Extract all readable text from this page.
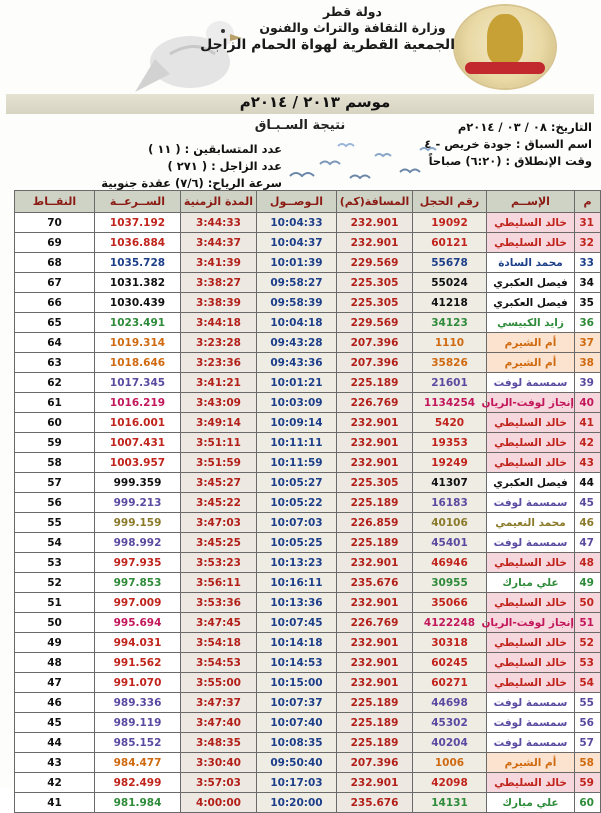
دولة قطر
وزارة الثقافة والتراث والفنون
الجمعية القطرية لهواة الحمام الزاجل
موسم ٢٠١٣ / ٢٠١٤م
نتيجة السـبـاق	التاريخ: ٠٨ / ٠٣ / ٢٠١٤م
اسم السباق : جودة خريص - ٤
وقت الإنطلاق : (٦:٢٠) صباحاً
عدد المتسابقين : ( ١١ )
عدد الزاجل : ( ٢٧١ )
سرعة الرياح: (٧/٦) عقدة جنوبية
م	الإســم	رقم الحجل	المسافة(كم)	الـوصــول	المدة الزمنية	الســرعــة	النقــاط
31	خالد السليطي	19092	232.901	10:04:33	3:44:33	1037.192	70
32	خالد السليطي	60121	232.901	10:04:37	3:44:37	1036.884	69
33	محمد السادة	55678	229.569	10:01:39	3:41:39	1035.728	68
34	فيصل العكبري	55024	225.305	09:58:27	3:38:27	1031.382	67
35	فيصل العكبري	41218	225.305	09:58:39	3:38:39	1030.439	66
36	زايد الكبيسي	34123	229.569	10:04:18	3:44:18	1023.491	65
37	أم الشيرم	1110	207.396	09:43:28	3:23:28	1019.314	64
38	أم الشيرم	35826	207.396	09:43:36	3:23:36	1018.646	63
39	سمسمة لوفت	21601	225.189	10:01:21	3:41:21	1017.345	62
40	إنجاز لوفت-الريان	1134254	226.769	10:03:09	3:43:09	1016.219	61
41	خالد السليطي	5420	232.901	10:09:14	3:49:14	1016.001	60
42	خالد السليطي	19353	232.901	10:11:11	3:51:11	1007.431	59
43	خالد السليطي	19249	232.901	10:11:59	3:51:59	1003.957	58
44	فيصل العكبري	41307	225.305	10:05:27	3:45:27	999.359	57
45	سمسمة لوفت	16183	225.189	10:05:22	3:45:22	999.213	56
46	محمد النعيمي	40106	226.859	10:07:03	3:47:03	999.159	55
47	سمسمة لوفت	45401	225.189	10:05:25	3:45:25	998.992	54
48	خالد السليطي	46946	232.901	10:13:23	3:53:23	997.935	53
49	علي مبارك	30955	235.676	10:16:11	3:56:11	997.853	52
50	خالد السليطي	35066	232.901	10:13:36	3:53:36	997.009	51
51	إنجاز لوفت-الريان	4122248	226.769	10:07:45	3:47:45	995.694	50
52	خالد السليطي	30318	232.901	10:14:18	3:54:18	994.031	49
53	خالد السليطي	60245	232.901	10:14:53	3:54:53	991.562	48
54	خالد السليطي	60271	232.901	10:15:00	3:55:00	991.070	47
55	سمسمة لوفت	44698	225.189	10:07:37	3:47:37	989.336	46
56	سمسمة لوفت	45302	225.189	10:07:40	3:47:40	989.119	45
57	سمسمة لوفت	40204	225.189	10:08:35	3:48:35	985.152	44
58	أم الشيرم	1006	207.396	09:50:40	3:30:40	984.477	43
59	خالد السليطي	42098	232.901	10:17:03	3:57:03	982.499	42
60	علي مبارك	14131	235.676	10:20:00	4:00:00	981.984	41
